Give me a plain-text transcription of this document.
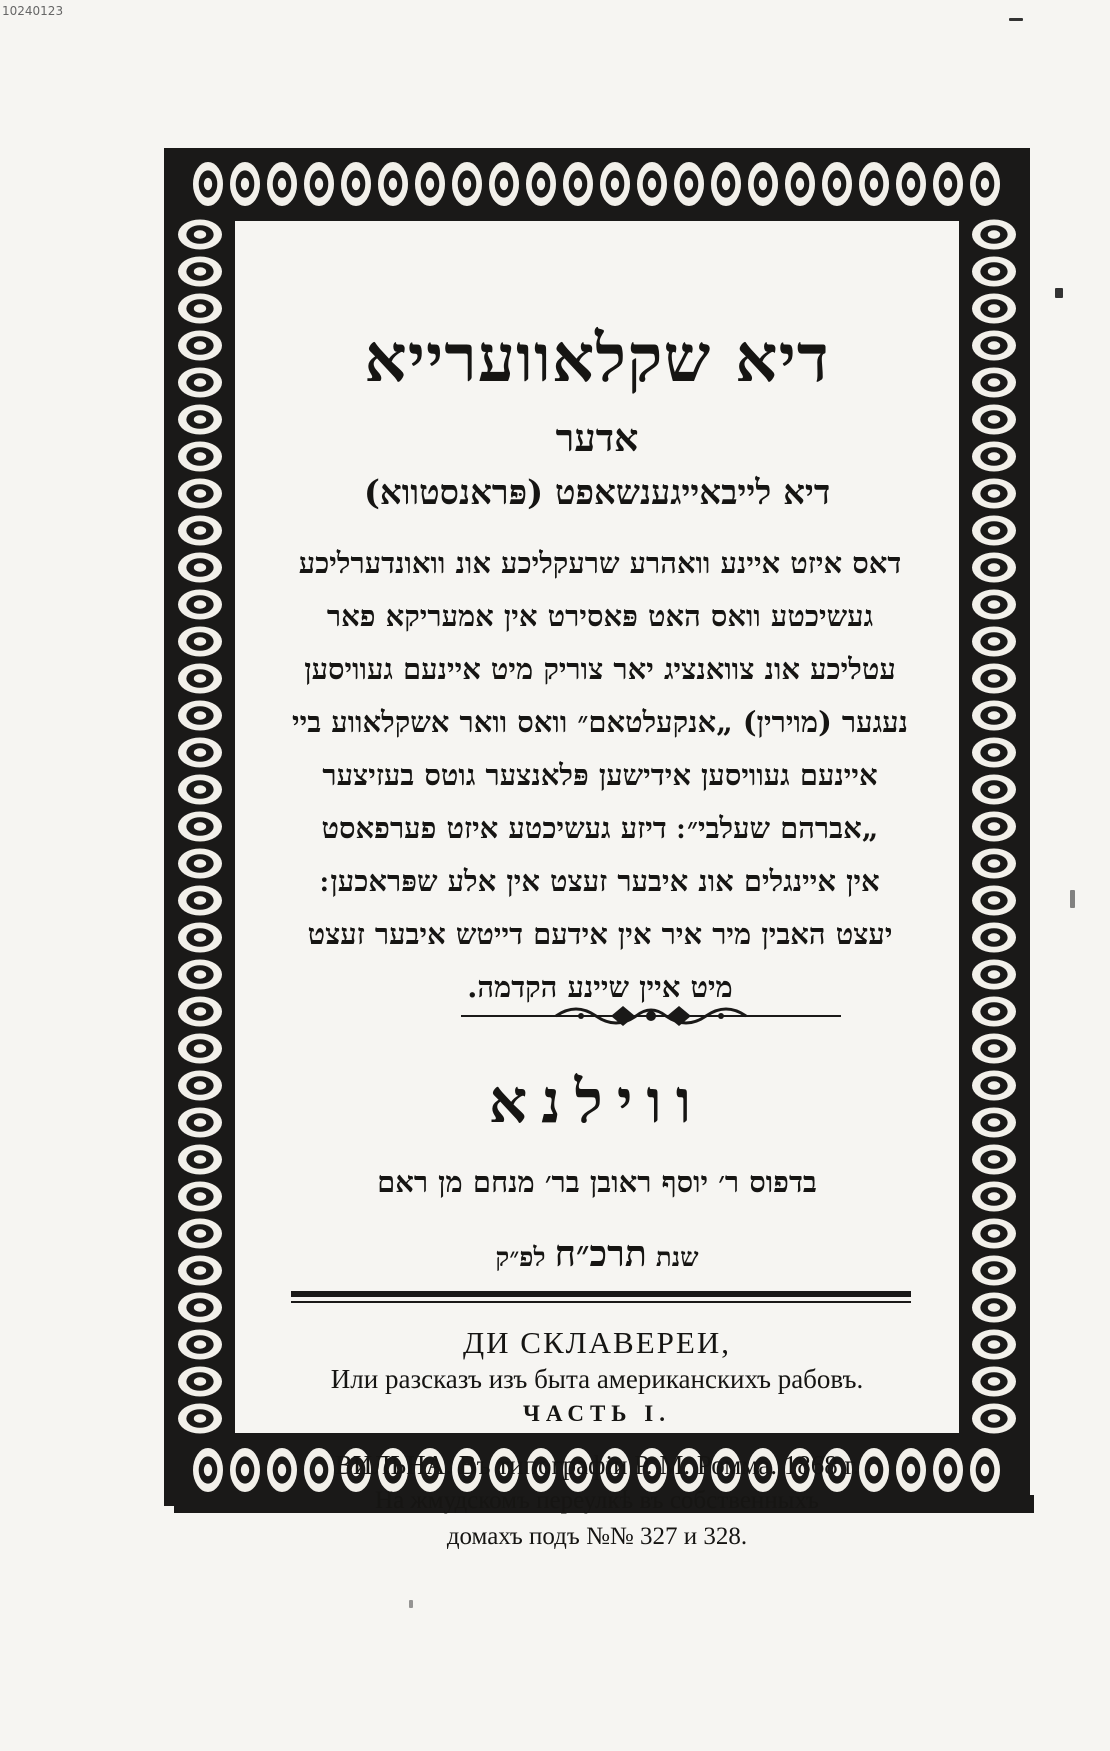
10240123
דיא שקלאווערייא
אדער
דיא לייבאייגענשאפט (פּראנסטווא)
דאס איזט איינע וואהרע שרעקליכע אונ וואונדערליכע
געשיכטע וואס האט פּאסירט אין אמעריקא פאר
עטליכע אונ צוואנציג יאר צוריק מיט איינעם געוויסען
נעגער (מוירין) „אנקעלטאם״ וואס וואר אשקלאווע ביי
איינעם געוויסען אידישען פּלאנצער גוטס בעזיצער
„אברהם שעלבי״ ׃ דיזע געשיכטע איזט פערפאסט
אין איינגלים אונ איבער זעצט אין אלע שפּראכען ׃
יעצט האבין מיר איר אין אידעם דייטש איבער זעצט
מיט איין שיינע הקדמה.
ווילנא
בדפוס ר׳ יוסף ראובן בר׳ מנחם מן ראם
שנת תרכ״ח לפ״ק
ДИ СКЛАВЕРЕИ,
Или разсказъ изъ быта американскихъ рабовъ.
ЧАСТЬ I.
ВИЛЬНА. Въ типографіи Р. М. Ромма. 1868 г.
На жмудскомъ переулкѣ въ собственныхъ
домахъ подъ №№ 327 и 328.
